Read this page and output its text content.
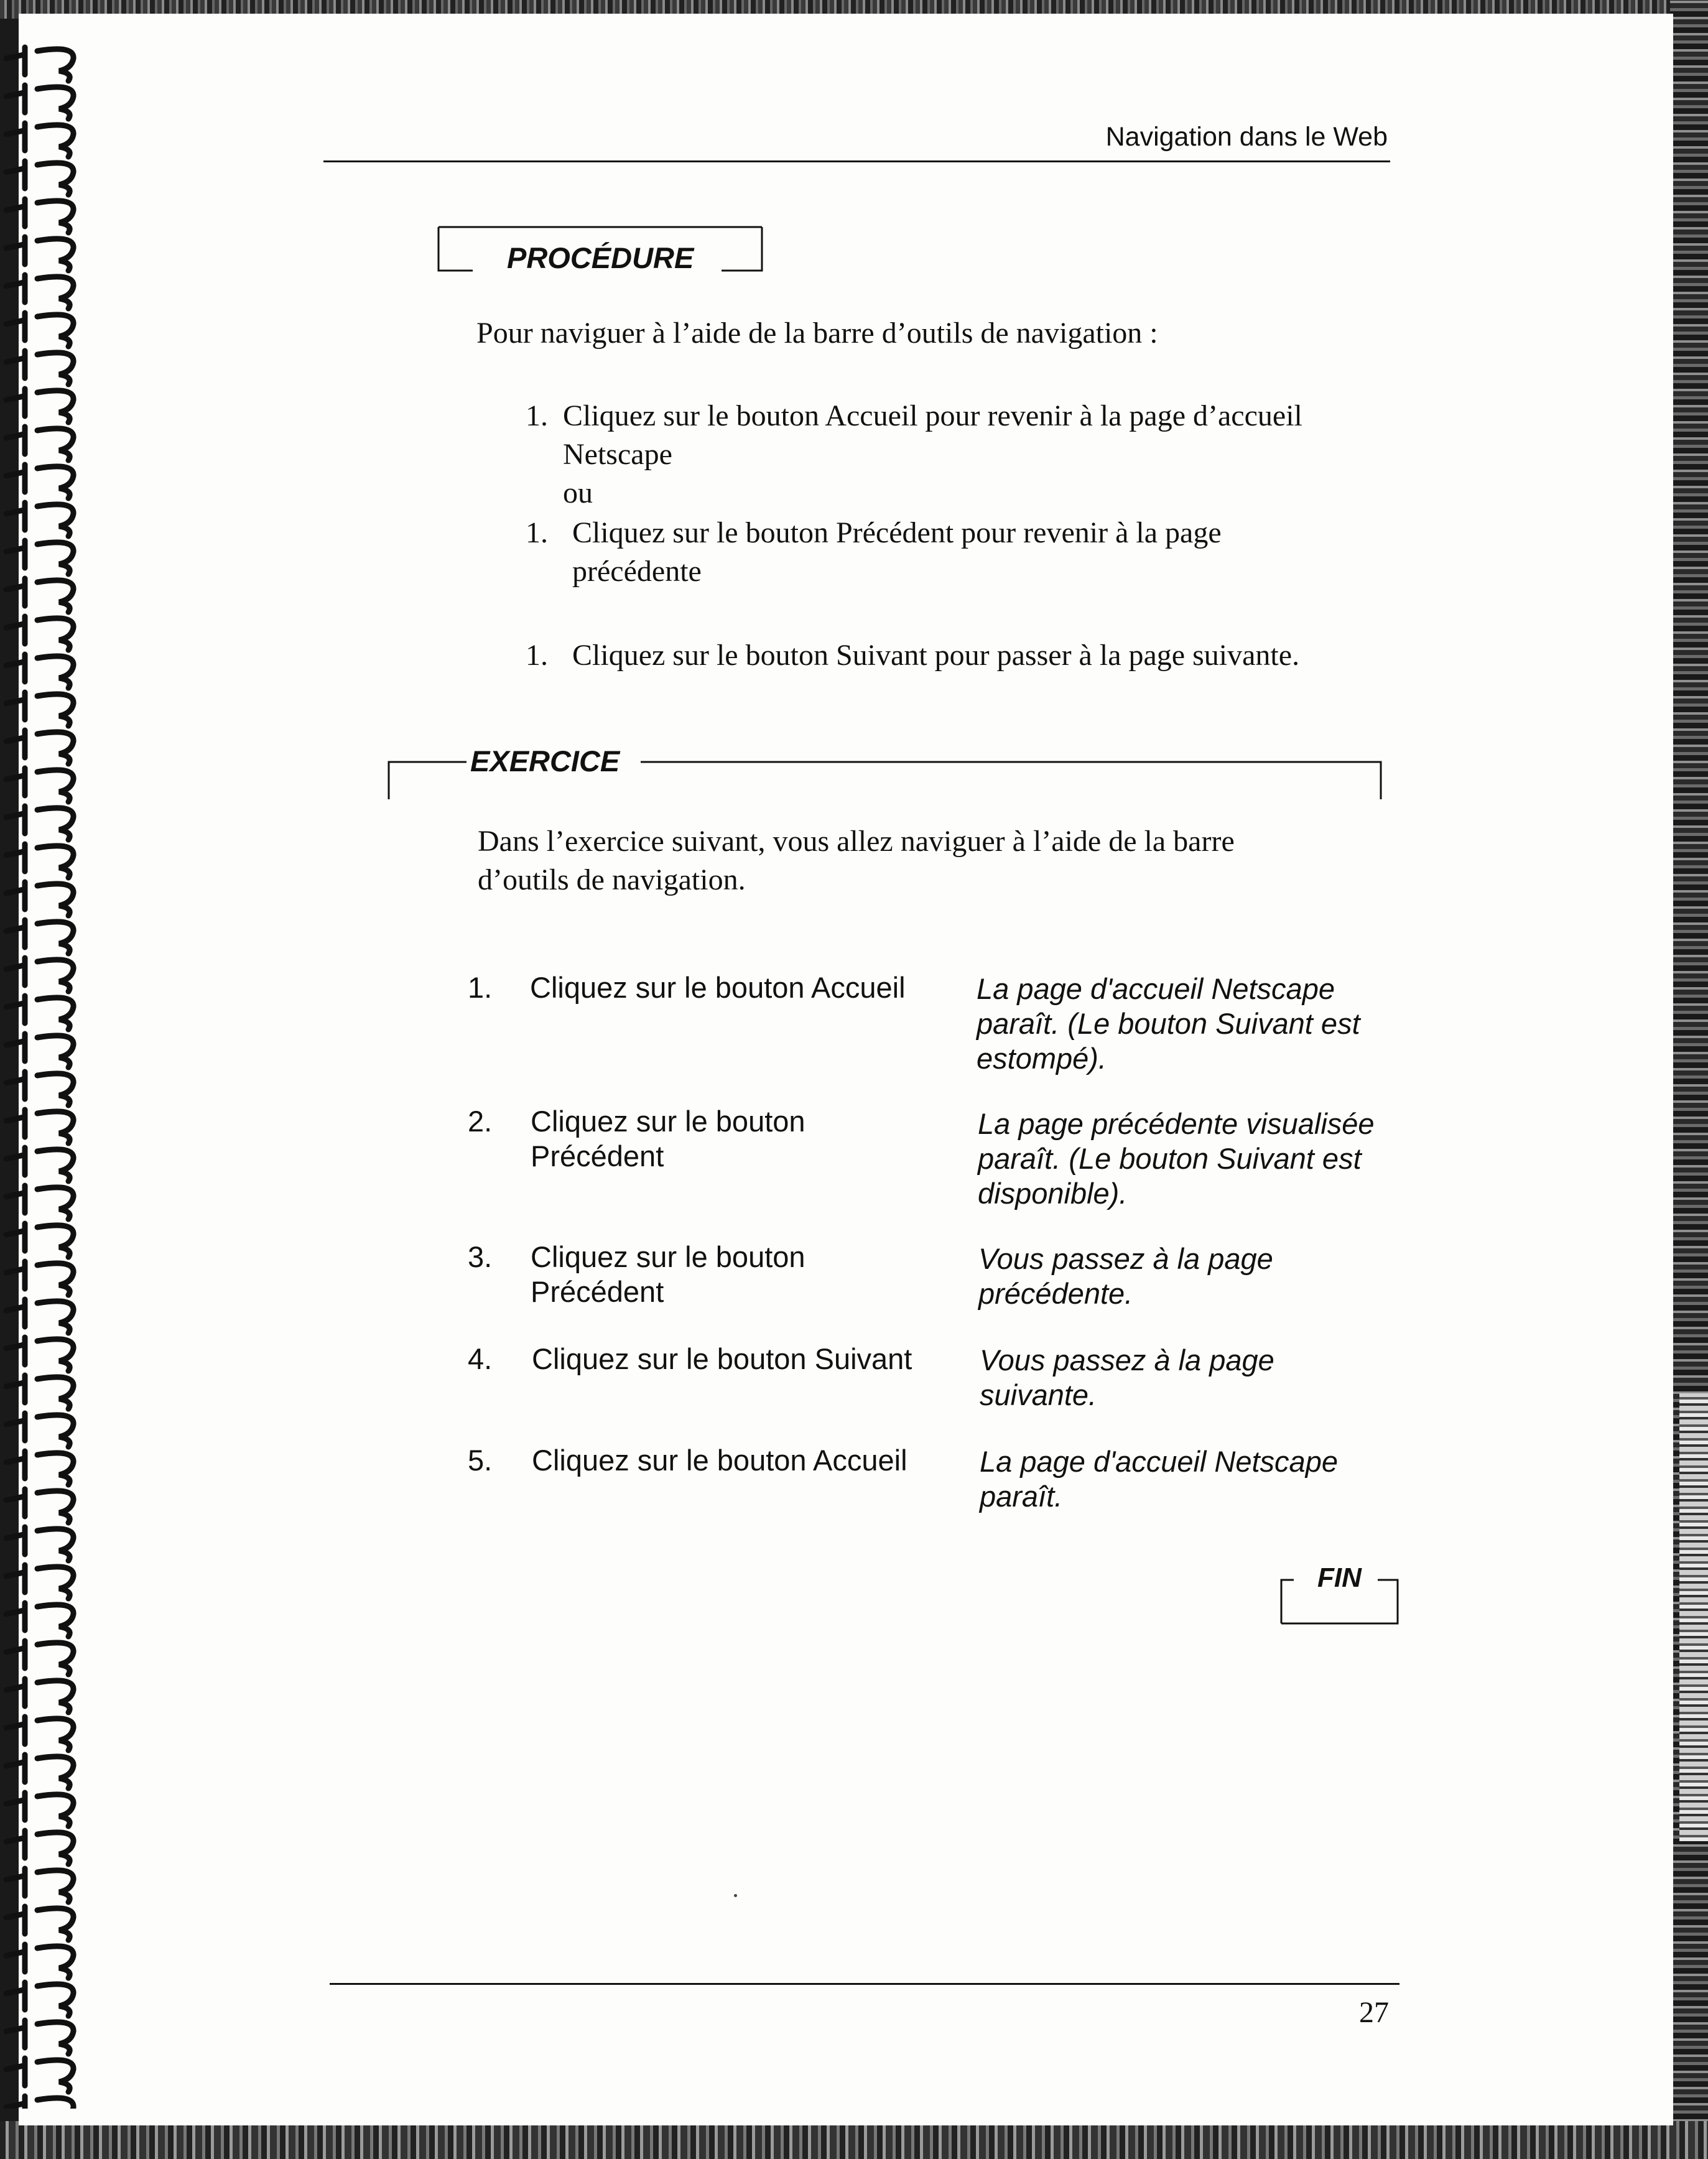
Navigation dans le Web
PROCÉDURE
Pour naviguer à l’aide de la barre d’outils de navigation :
1. Cliquez sur le bouton Accueil pour revenir à la page d’accueil
Netscape
ou
1. Cliquez sur le bouton Précédent pour revenir à la page
précédente
1. Cliquez sur le bouton Suivant pour passer à la page suivante.
EXERCICE
Dans l’exercice suivant, vous allez naviguer à l’aide de la barre
d’outils de navigation.
1. Cliquez sur le bouton Accueil La page d'accueil Netscape
paraît. (Le bouton Suivant est
estompé).
2. Cliquez sur le bouton
Précédent
La page précédente visualisée
paraît. (Le bouton Suivant est
disponible).
3. Cliquez sur le bouton
Précédent
Vous passez à la page
précédente.
4. Cliquez sur le bouton Suivant Vous passez à la page
suivante.
5. Cliquez sur le bouton Accueil La page d'accueil Netscape
paraît.
FIN
27
